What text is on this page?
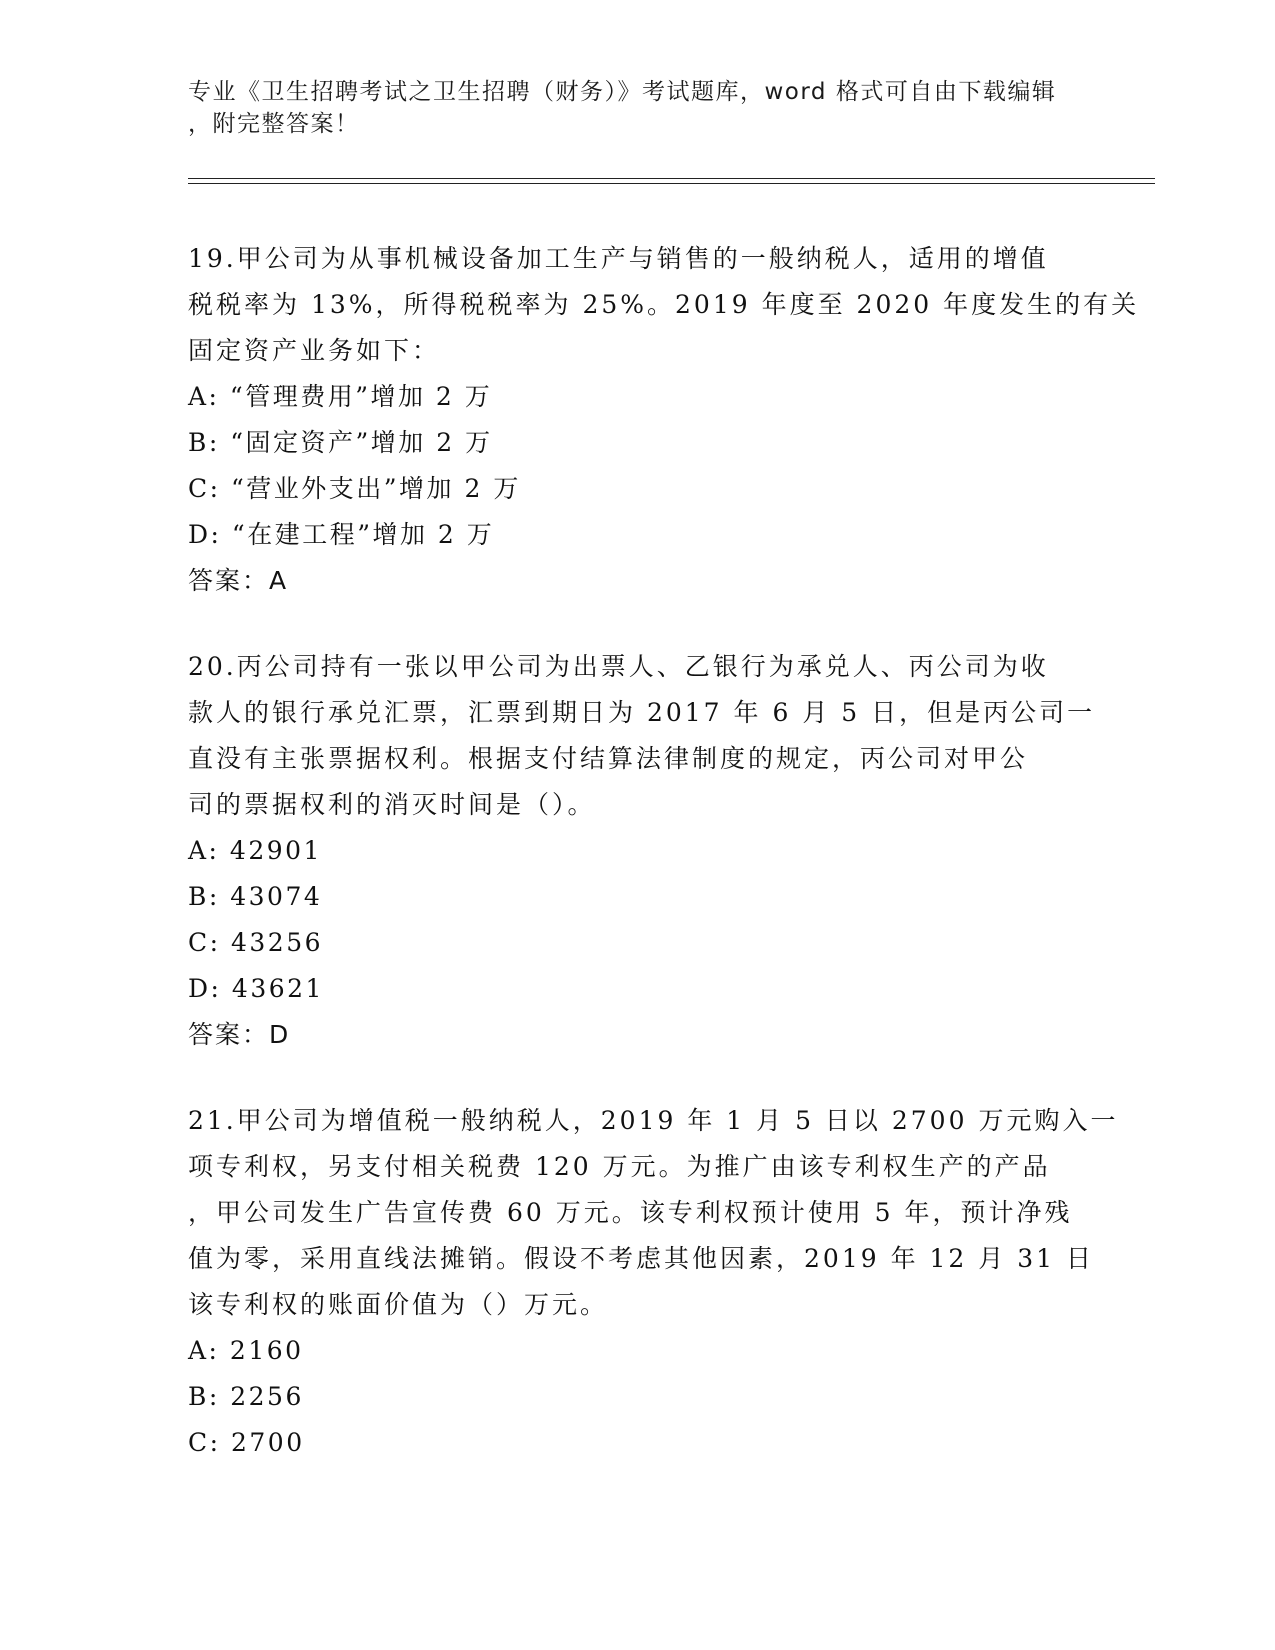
专业《卫生招聘考试之卫生招聘（财务）》考试题库，word 格式可自由下载编辑
，附完整答案！
19.甲公司为从事机械设备加工生产与销售的一般纳税人，适用的增值
税税率为 13%，所得税税率为 25%。2019 年度至 2020 年度发生的有关
固定资产业务如下：
A: “管理费用”增加 2 万
B: “固定资产”增加 2 万
C: “营业外支出”增加 2 万
D: “在建工程”增加 2 万
答案：A
20.丙公司持有一张以甲公司为出票人、乙银行为承兑人、丙公司为收
款人的银行承兑汇票，汇票到期日为 2017 年 6 月 5 日，但是丙公司一
直没有主张票据权利。根据支付结算法律制度的规定，丙公司对甲公
司的票据权利的消灭时间是（）。
A: 42901
B: 43074
C: 43256
D: 43621
答案：D
21.甲公司为增值税一般纳税人，2019 年 1 月 5 日以 2700 万元购入一
项专利权，另支付相关税费 120 万元。为推广由该专利权生产的产品
，甲公司发生广告宣传费 60 万元。该专利权预计使用 5 年，预计净残
值为零，采用直线法摊销。假设不考虑其他因素，2019 年 12 月 31 日
该专利权的账面价值为（）万元。
A: 2160
B: 2256
C: 2700
